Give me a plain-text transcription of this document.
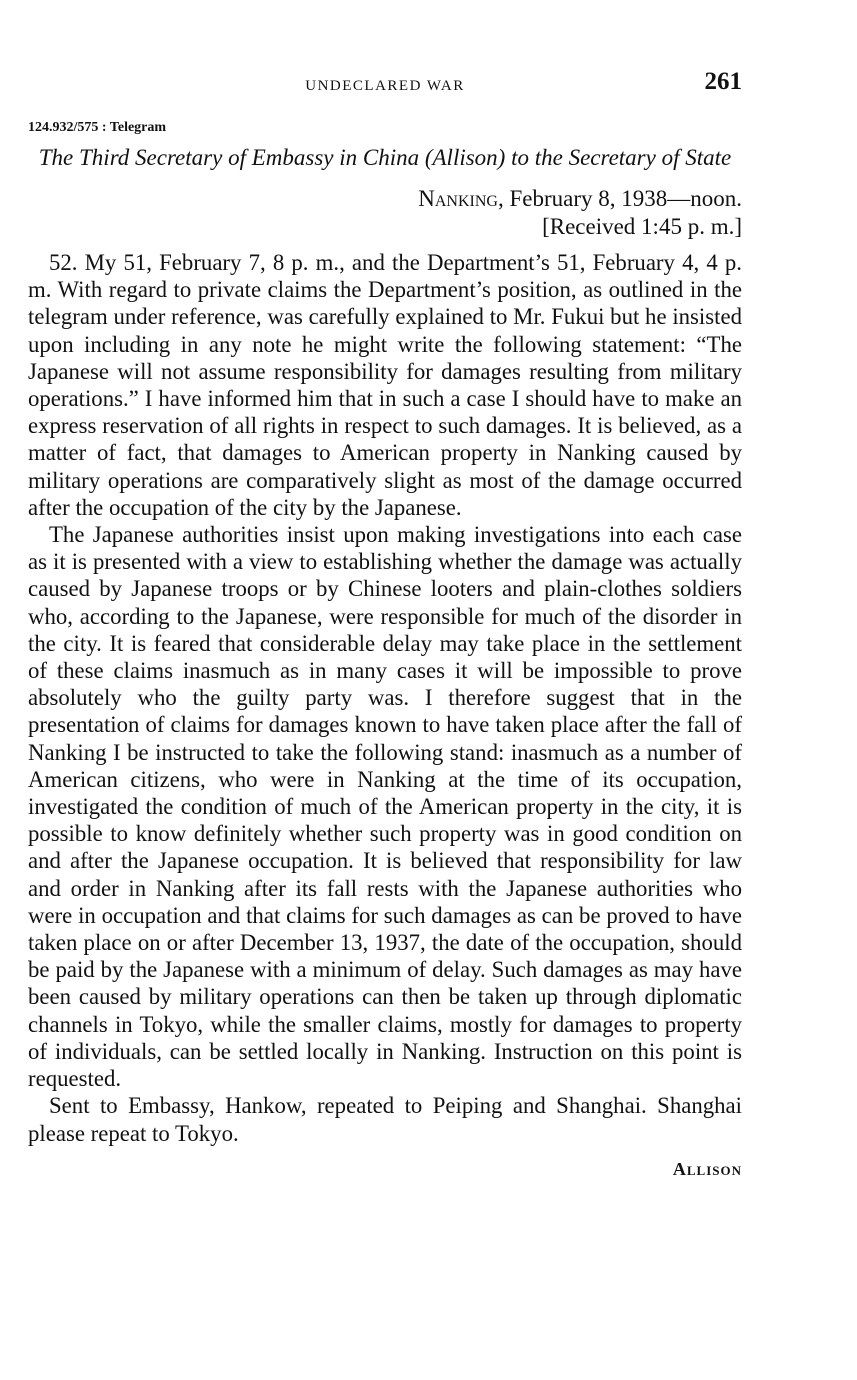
UNDECLARED WAR	261
124.932/575 : Telegram
The Third Secretary of Embassy in China (Allison) to the Secretary of State
Nanking, February 8, 1938—noon.
[Received 1:45 p. m.]

52. My 51, February 7, 8 p. m., and the Department’s 51, February 4, 4 p. m. With regard to private claims the Department’s position, as outlined in the telegram under reference, was carefully explained to Mr. Fukui but he insisted upon including in any note he might write the following statement: “The Japanese will not assume responsibility for damages resulting from military operations.” I have informed him that in such a case I should have to make an express reservation of all rights in respect to such damages. It is believed, as a matter of fact, that damages to American property in Nanking caused by military operations are comparatively slight as most of the damage occurred after the occupation of the city by the Japanese.

The Japanese authorities insist upon making investigations into each case as it is presented with a view to establishing whether the damage was actually caused by Japanese troops or by Chinese looters and plain-clothes soldiers who, according to the Japanese, were responsible for much of the disorder in the city. It is feared that considerable delay may take place in the settlement of these claims inasmuch as in many cases it will be impossible to prove absolutely who the guilty party was. I therefore suggest that in the presentation of claims for damages known to have taken place after the fall of Nanking I be instructed to take the following stand: inasmuch as a number of American citizens, who were in Nanking at the time of its occupation, investigated the condition of much of the American property in the city, it is possible to know definitely whether such property was in good condition on and after the Japanese occupation. It is believed that responsibility for law and order in Nanking after its fall rests with the Japanese authorities who were in occupation and that claims for such damages as can be proved to have taken place on or after December 13, 1937, the date of the occupation, should be paid by the Japanese with a minimum of delay. Such damages as may have been caused by military operations can then be taken up through diplomatic channels in Tokyo, while the smaller claims, mostly for damages to property of individuals, can be settled locally in Nanking. Instruction on this point is requested.

Sent to Embassy, Hankow, repeated to Peiping and Shanghai. Shanghai please repeat to Tokyo.

Allison
